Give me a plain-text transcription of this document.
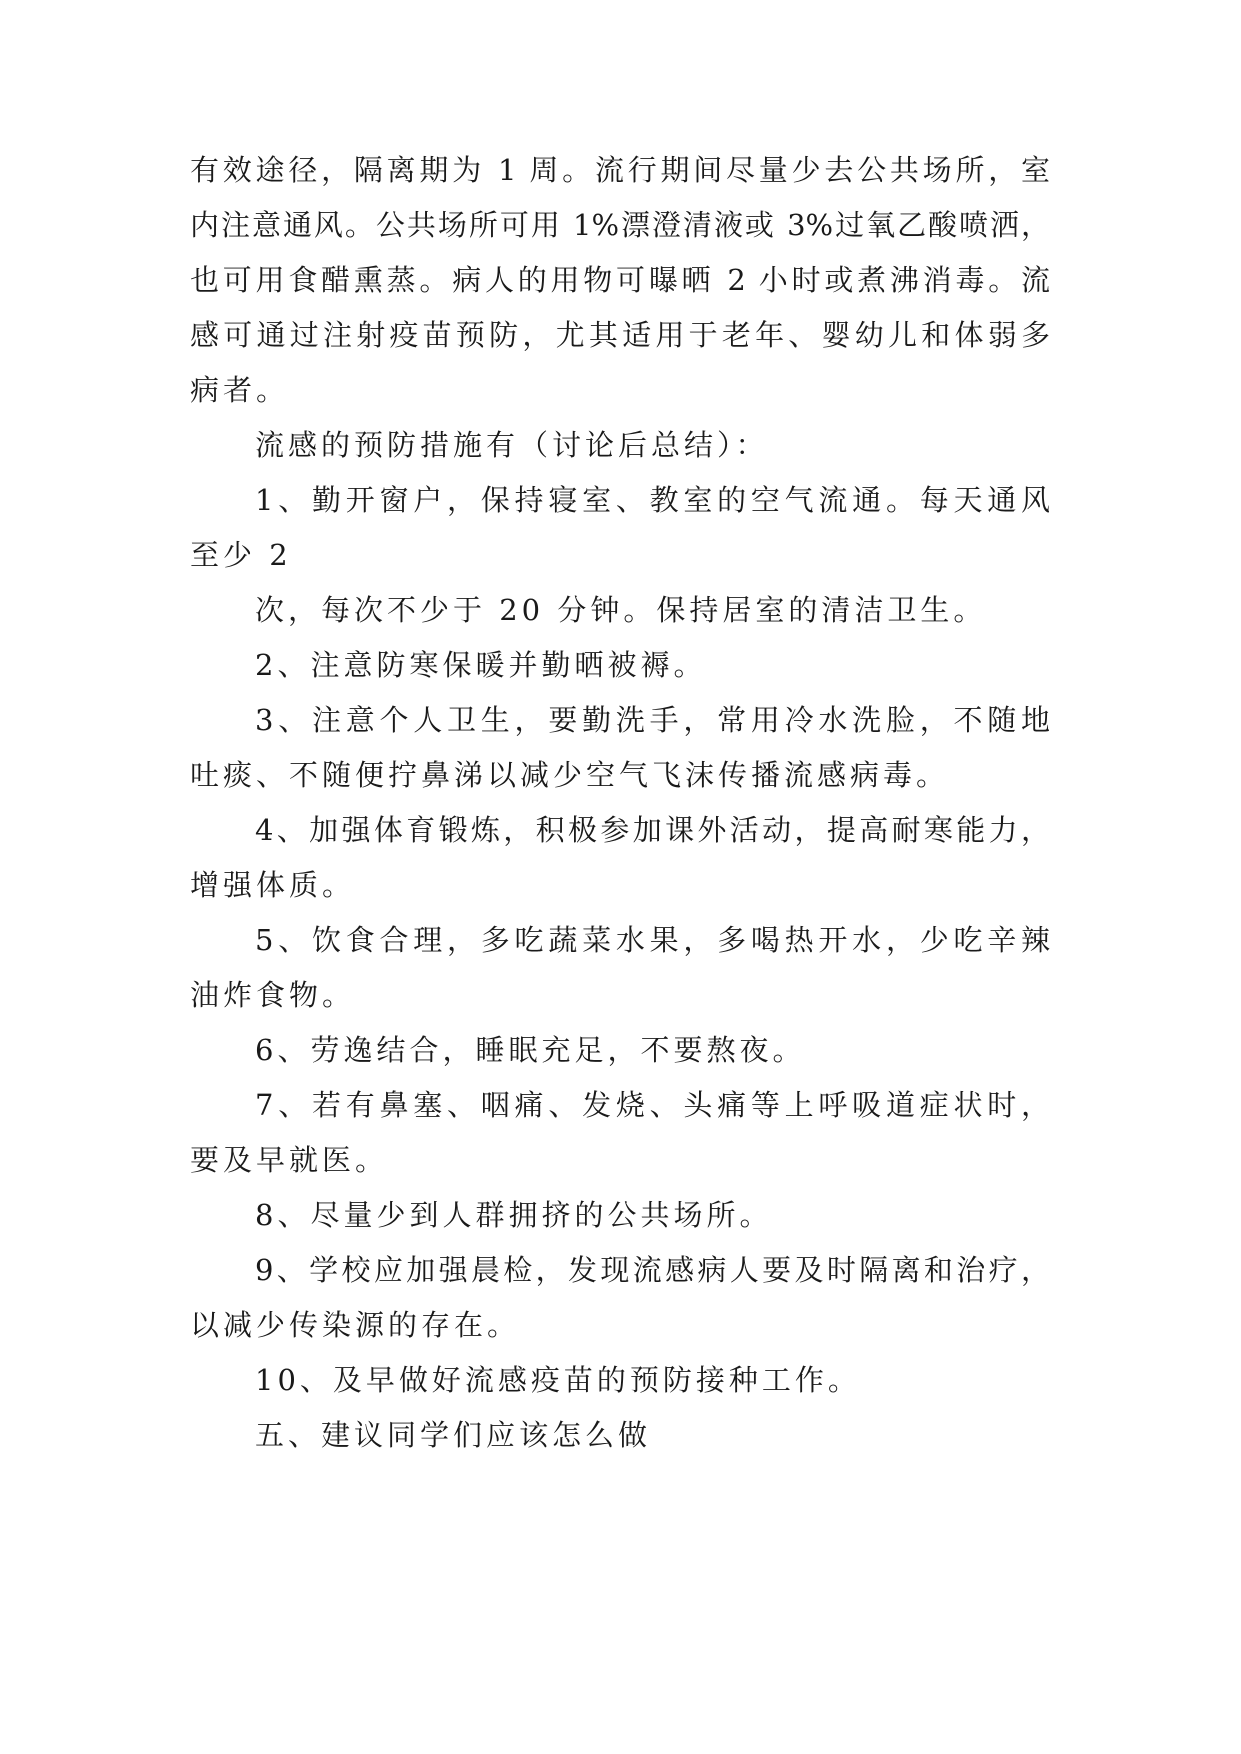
有效途径，隔离期为 1 周。流行期间尽量少去公共场所，室
内注意通风。公共场所可用 1%漂澄清液或 3%过氧乙酸喷洒，
也可用食醋熏蒸。病人的用物可曝晒 2 小时或煮沸消毒。流
感可通过注射疫苗预防，尤其适用于老年、婴幼儿和体弱多
病者。
流感的预防措施有（讨论后总结）：
1、勤开窗户，保持寝室、教室的空气流通。每天通风
至少 2
次，每次不少于 20 分钟。保持居室的清洁卫生。
2、注意防寒保暖并勤晒被褥。
3、注意个人卫生，要勤洗手，常用冷水洗脸，不随地
吐痰、不随便拧鼻涕以减少空气飞沫传播流感病毒。
4、加强体育锻炼，积极参加课外活动，提高耐寒能力，
增强体质。
5、饮食合理，多吃蔬菜水果，多喝热开水，少吃辛辣
油炸食物。
6、劳逸结合，睡眠充足，不要熬夜。
7、若有鼻塞、咽痛、发烧、头痛等上呼吸道症状时，
要及早就医。
8、尽量少到人群拥挤的公共场所。
9、学校应加强晨检，发现流感病人要及时隔离和治疗，
以减少传染源的存在。
10、及早做好流感疫苗的预防接种工作。
五、建议同学们应该怎么做
